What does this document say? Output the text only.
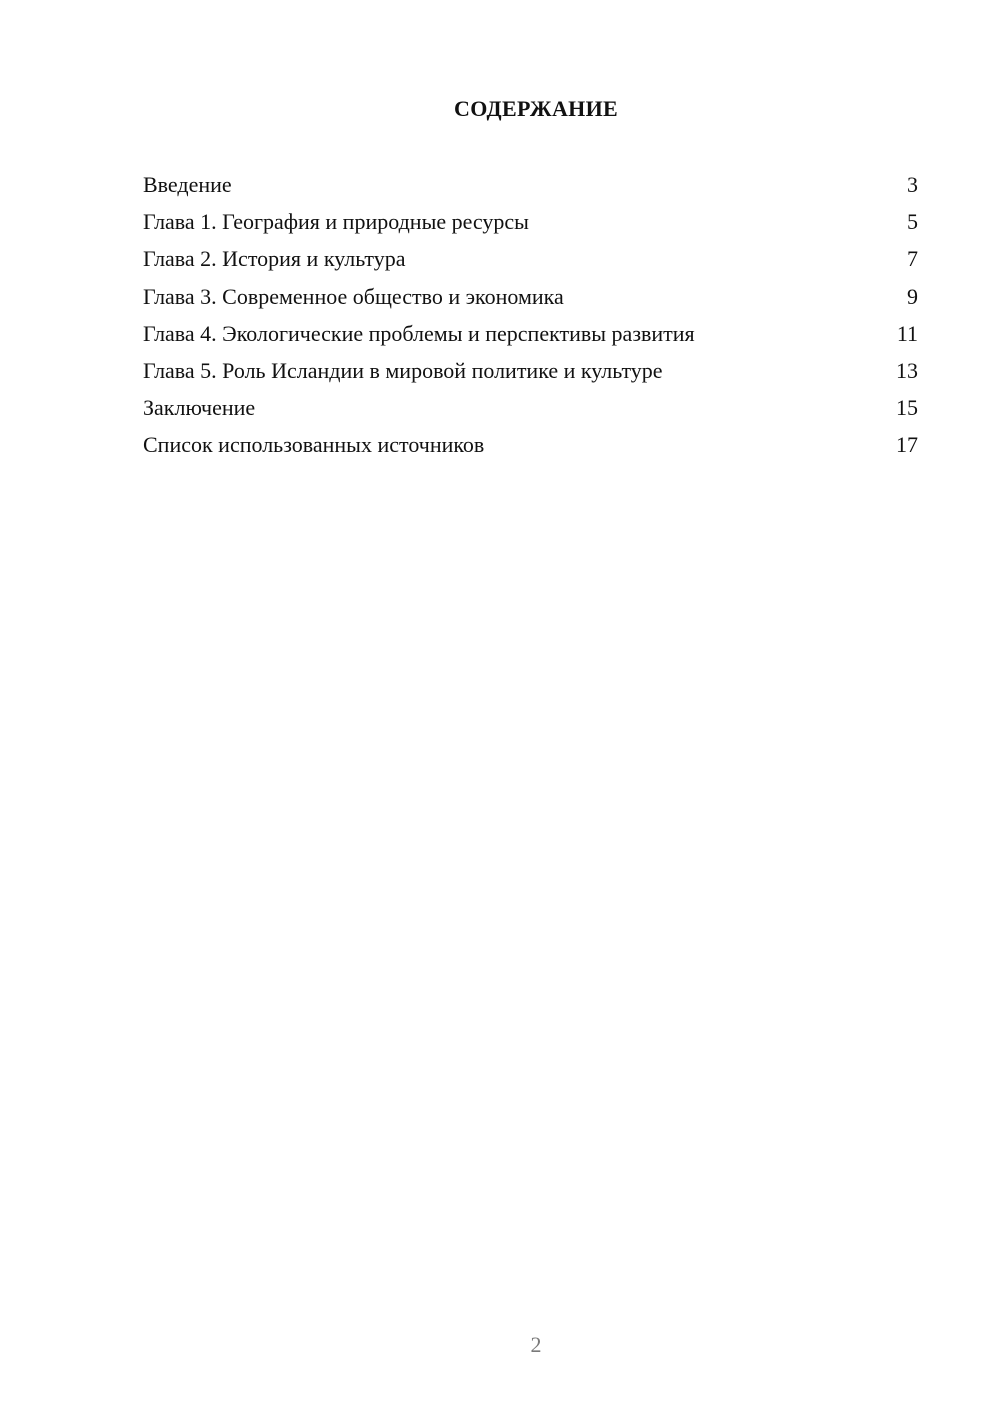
СОДЕРЖАНИЕ
Введение	3
Глава 1. География и природные ресурсы	5
Глава 2. История и культура	7
Глава 3. Современное общество и экономика	9
Глава 4. Экологические проблемы и перспективы развития	11
Глава 5. Роль Исландии в мировой политике и культуре	13
Заключение	15
Список использованных источников	17
2
